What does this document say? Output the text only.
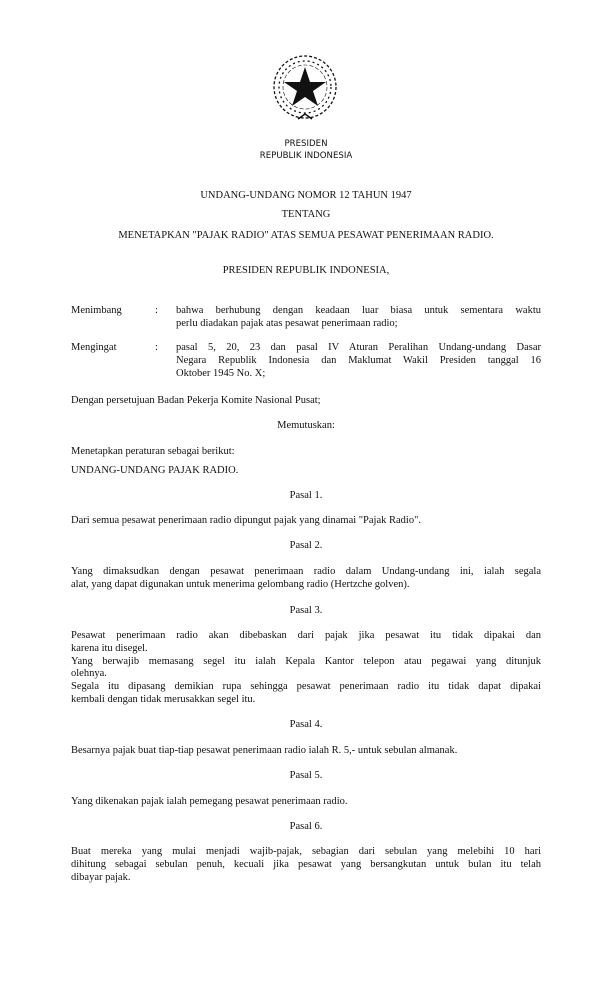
PRESIDEN
REPUBLIK INDONESIA
UNDANG-UNDANG NOMOR 12 TAHUN 1947
TENTANG
MENETAPKAN "PAJAK RADIO" ATAS SEMUA PESAWAT PENERIMAAN RADIO.
PRESIDEN REPUBLIK INDONESIA,
Menimbang	:	bahwa berhubung dengan keadaan luar biasa untuk sementara waktu
perlu diadakan pajak atas pesawat penerimaan radio;
Mengingat	:	pasal 5, 20, 23 dan pasal IV Aturan Peralihan Undang-undang Dasar
Negara Republik Indonesia dan Maklumat Wakil Presiden tanggal 16
Oktober 1945 No. X;
Dengan persetujuan Badan Pekerja Komite Nasional Pusat;
Memutuskan:
Menetapkan peraturan sebagai berikut:
UNDANG-UNDANG PAJAK RADIO.
Pasal 1.
Dari semua pesawat penerimaan radio dipungut pajak yang dinamai "Pajak Radio".
Pasal 2.
Yang dimaksudkan dengan pesawat penerimaan radio dalam Undang-undang ini, ialah segala
alat, yang dapat digunakan untuk menerima gelombang radio (Hertzche golven).
Pasal 3.
Pesawat penerimaan radio akan dibebaskan dari pajak jika pesawat itu tidak dipakai dan
karena itu disegel.
Yang berwajib memasang segel itu ialah Kepala Kantor telepon atau pegawai yang ditunjuk
olehnya.
Segala itu dipasang demikian rupa sehingga pesawat penerimaan radio itu tidak dapat dipakai
kembali dengan tidak merusakkan segel itu.
Pasal 4.
Besarnya pajak buat tiap-tiap pesawat penerimaan radio ialah R. 5,- untuk sebulan almanak.
Pasal 5.
Yang dikenakan pajak ialah pemegang pesawat penerimaan radio.
Pasal 6.
Buat mereka yang mulai menjadi wajib-pajak, sebagian dari sebulan yang melebihi 10 hari
dihitung sebagai sebulan penuh, kecuali jika pesawat yang bersangkutan untuk bulan itu telah
dibayar pajak.
